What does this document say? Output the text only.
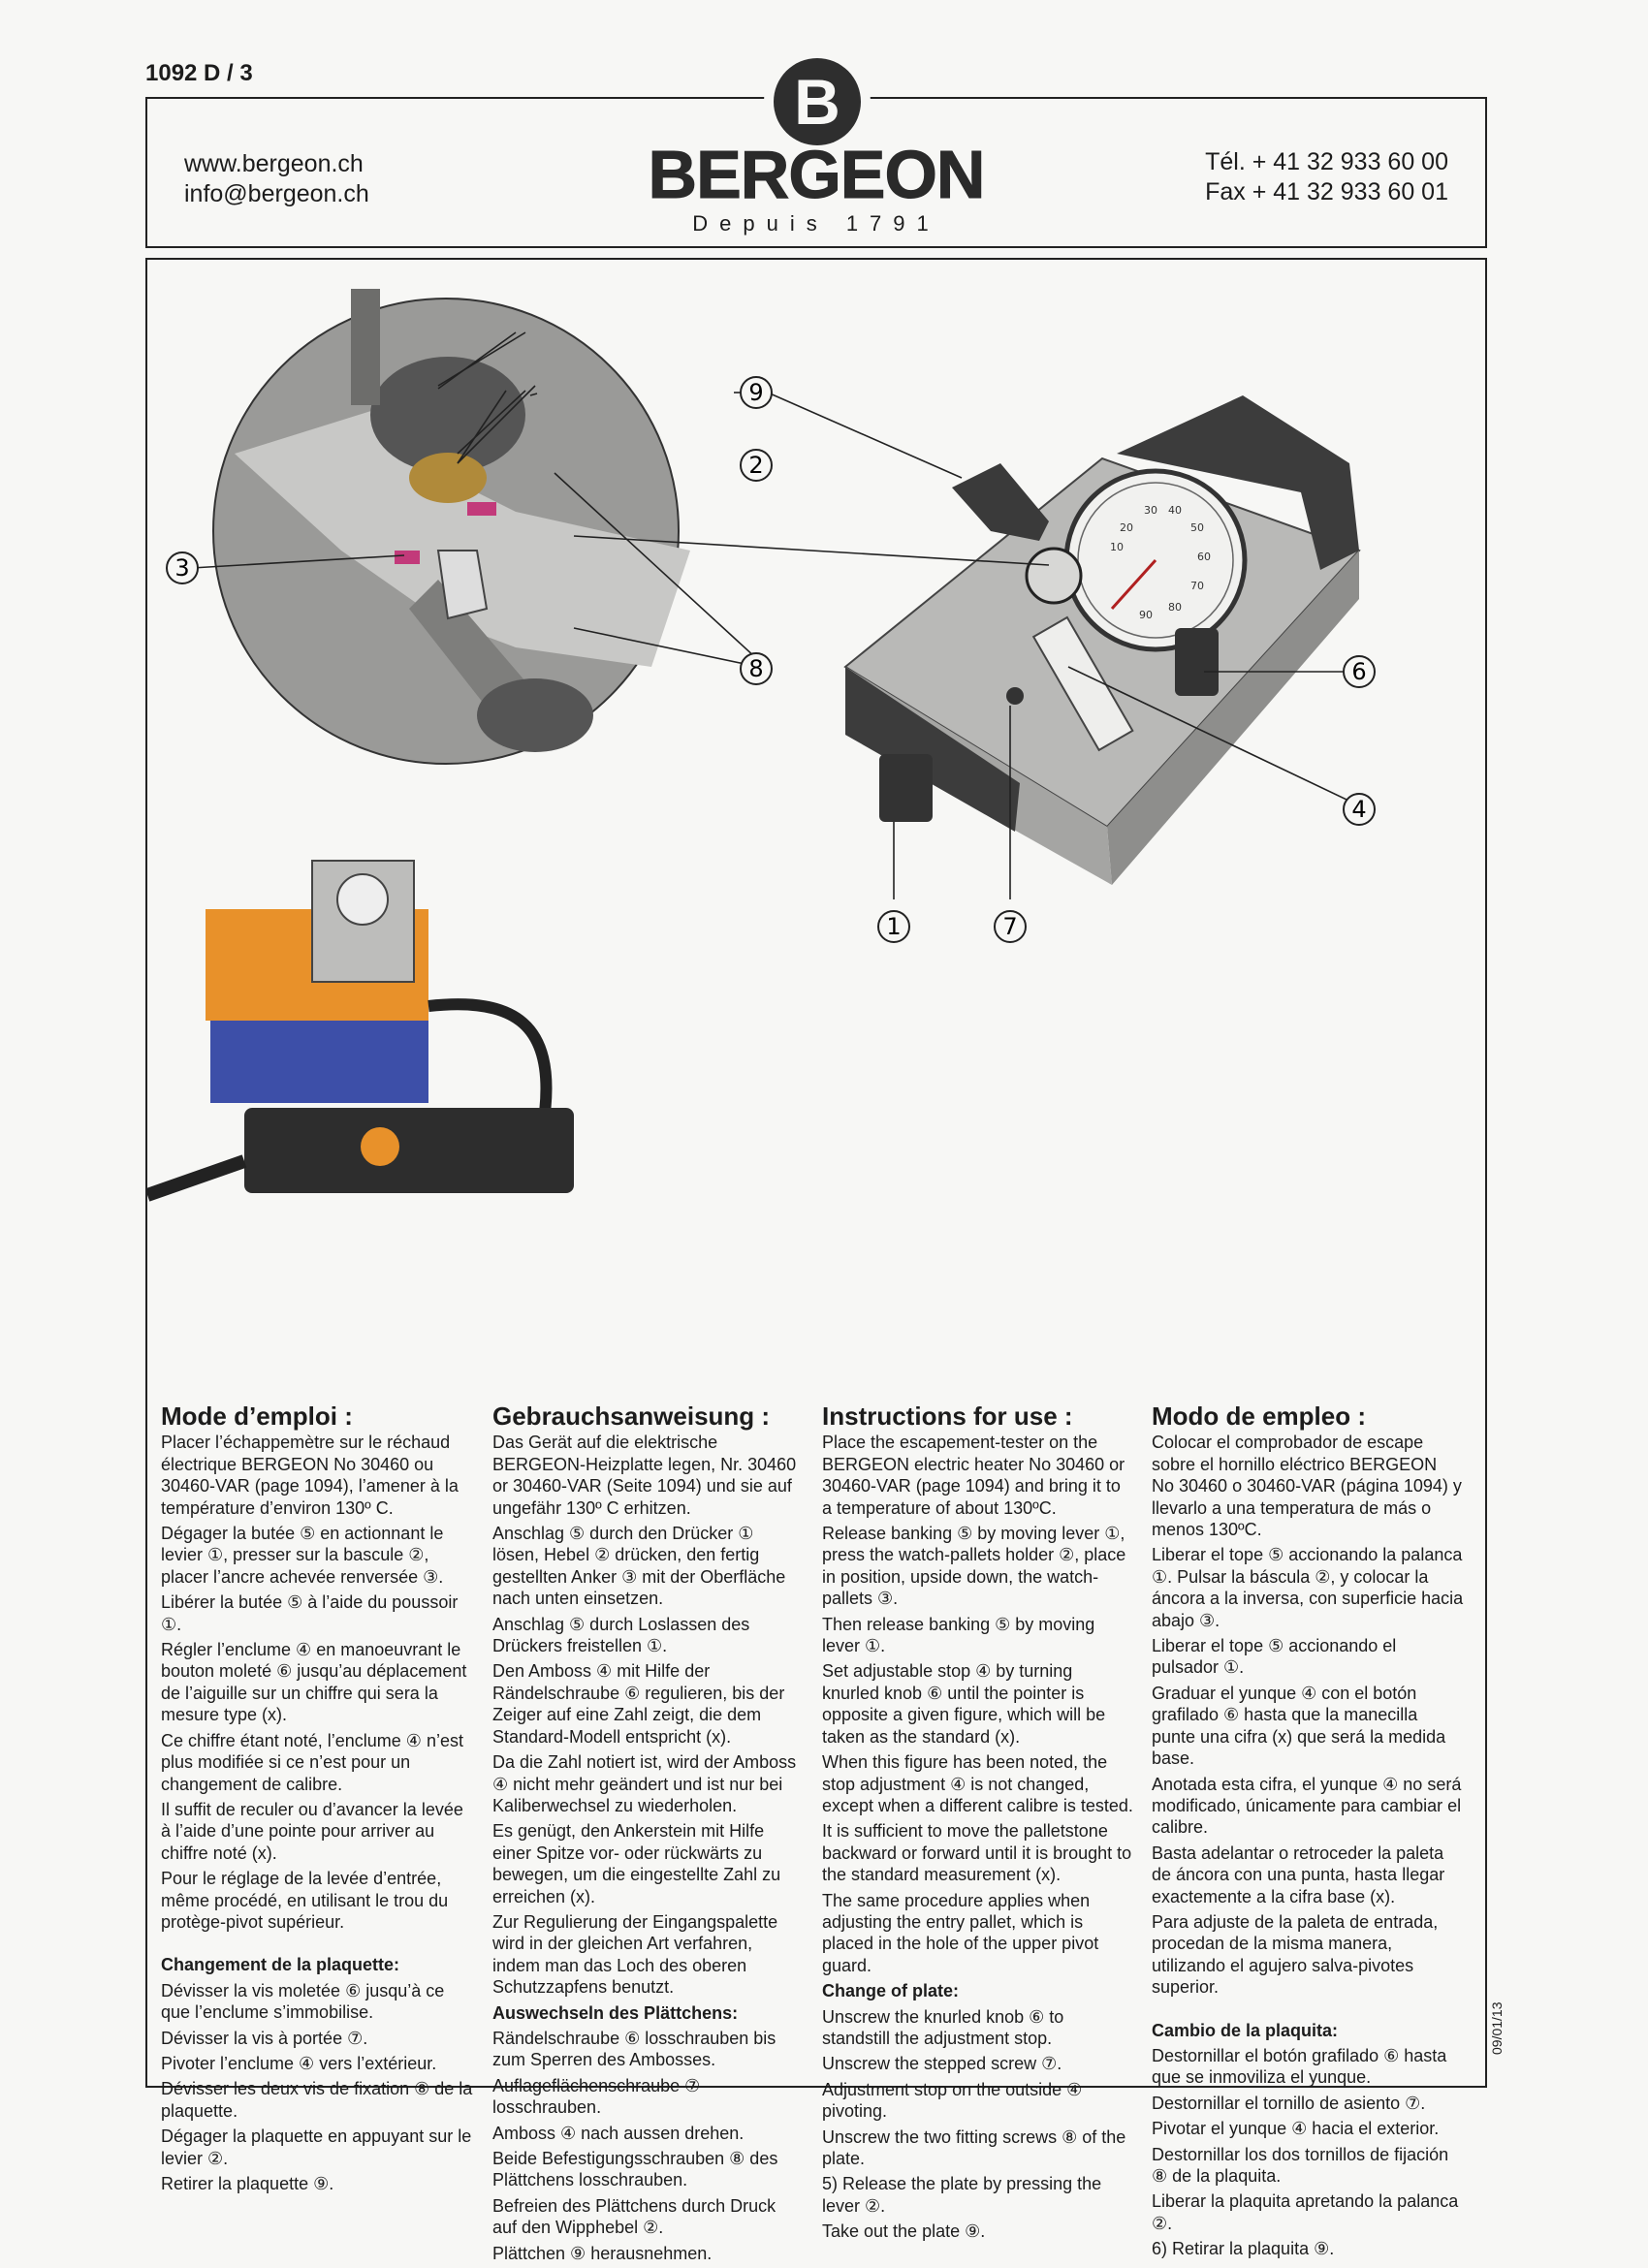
1092 D / 3
www.bergeon.ch
info@bergeon.ch
Tél. + 41 32 933 60 00
Fax + 41 32 933 60 01
B
BERGEON
Depuis 1791
9
2
3
8	6
4
1	7
10
20
30 40
50
60
70
80
90
Mode d’emploi :

Placer l’échappemètre sur le réchaud électrique BERGEON No 30460 ou 30460-VAR (page 1094), l’amener à la température d’environ 130º C.

Dégager la butée ⑤ en actionnant le levier ①, presser sur la bascule ②, placer l’ancre achevée renversée ③.

Libérer la butée ⑤ à l’aide du poussoir ①.

Régler l’enclume ④ en manoeuvrant le bouton moleté ⑥ jusqu’au déplacement de l’aiguille sur un chiffre qui sera la mesure type (x).

Ce chiffre étant noté, l’enclume ④ n’est plus modifiée si ce n’est pour un changement de calibre.

Il suffit de reculer ou d’avancer la levée à l’aide d’une pointe pour arriver au chiffre noté (x).

Pour le réglage de la levée d’entrée, même procédé, en utilisant le trou du protège-pivot supérieur.

Changement de la plaquette:

Dévisser la vis moletée ⑥ jusqu’à ce que l’enclume s’immobilise.

Dévisser la vis à portée ⑦.

Pivoter l’enclume ④ vers l’extérieur.

Dévisser les deux vis de fixation ⑧ de la plaquette.

Dégager la plaquette en appuyant sur le levier ②.

Retirer la plaquette ⑨.

Gebrauchsanweisung :

Das Gerät auf die elektrische BERGEON-Heizplatte legen, Nr. 30460 or 30460-VAR (Seite 1094) und sie auf ungefähr 130º C erhitzen.

Anschlag ⑤ durch den Drücker ① lösen, Hebel ② drücken, den fertig gestellten Anker ③ mit der Oberfläche nach unten einsetzen.

Anschlag ⑤ durch Loslassen des Drückers freistellen ①.

Den Amboss ④ mit Hilfe der Rändelschraube ⑥ regulieren, bis der Zeiger auf eine Zahl zeigt, die dem Standard-Modell entspricht (x).

Da die Zahl notiert ist, wird der Amboss ④ nicht mehr geändert und ist nur bei Kaliberwechsel zu wiederholen.

Es genügt, den Ankerstein mit Hilfe einer Spitze vor- oder rückwärts zu bewegen, um die eingestellte Zahl zu erreichen (x).

Zur Regulierung der Eingangspalette wird in der gleichen Art verfahren, indem man das Loch des oberen Schutzzapfens benutzt.

Auswechseln des Plättchens:

Rändelschraube ⑥ losschrauben bis zum Sperren des Ambosses.

Auflageflächenschraube ⑦ losschrauben.

Amboss ④ nach aussen drehen.

Beide Befestigungsschrauben ⑧ des Plättchens losschrauben.

Befreien des Plättchens durch Druck auf den Wipphebel ②.

Plättchen ⑨ herausnehmen.

Instructions for use :

Place the escapement-tester on the BERGEON electric heater No 30460 or 30460-VAR (page 1094) and bring it to a temperature of about 130ºC.

Release banking ⑤ by moving lever ①, press the watch-pallets holder ②, place in position, upside down, the watch-pallets ③.

Then release banking ⑤ by moving lever ①.

Set adjustable stop ④ by turning knurled knob ⑥ until the pointer is opposite a given figure, which will be taken as the standard (x).

When this figure has been noted, the stop adjustment ④ is not changed, except when a different calibre is tested.

It is sufficient to move the palletstone backward or forward until it is brought to the standard measurement (x).

The same procedure applies when adjusting the entry pallet, which is placed in the hole of the upper pivot guard.

Change of plate:

Unscrew the knurled knob ⑥ to standstill the adjustment stop.

Unscrew the stepped screw ⑦.

Adjustment stop on the outside ④ pivoting.

Unscrew the two fitting screws ⑧ of the plate.

5) Release the plate by pressing the lever ②.

Take out the plate ⑨.

Modo de empleo :

Colocar el comprobador de escape sobre el hornillo eléctrico BERGEON No 30460 o 30460-VAR (página 1094) y llevarlo a una temperatura de más o menos 130ºC.

Liberar el tope ⑤ accionando la palanca ①. Pulsar la báscula ②, y colocar la áncora a la inversa, con superficie hacia abajo ③.

Liberar el tope ⑤ accionando el pulsador ①.

Graduar el yunque ④ con el botón grafilado ⑥ hasta que la manecilla punte una cifra (x) que será la medida base.

Anotada esta cifra, el yunque ④ no será modificado, únicamente para cambiar el calibre.

Basta adelantar o retroceder la paleta de áncora con una punta, hasta llegar exactemente a la cifra base (x).

Para adjuste de la paleta de entrada, procedan de la misma manera, utilizando el agujero salva-pivotes superior.

Cambio de la plaquita:

Destornillar el botón grafilado ⑥ hasta que se inmoviliza el yunque.

Destornillar el tornillo de asiento ⑦.

Pivotar el yunque ④ hacia el exterior.

Destornillar los dos tornillos de fijación ⑧ de la plaquita.

Liberar la plaquita apretando la palanca ②.

6) Retirar la plaquita ⑨.

09/01/13
